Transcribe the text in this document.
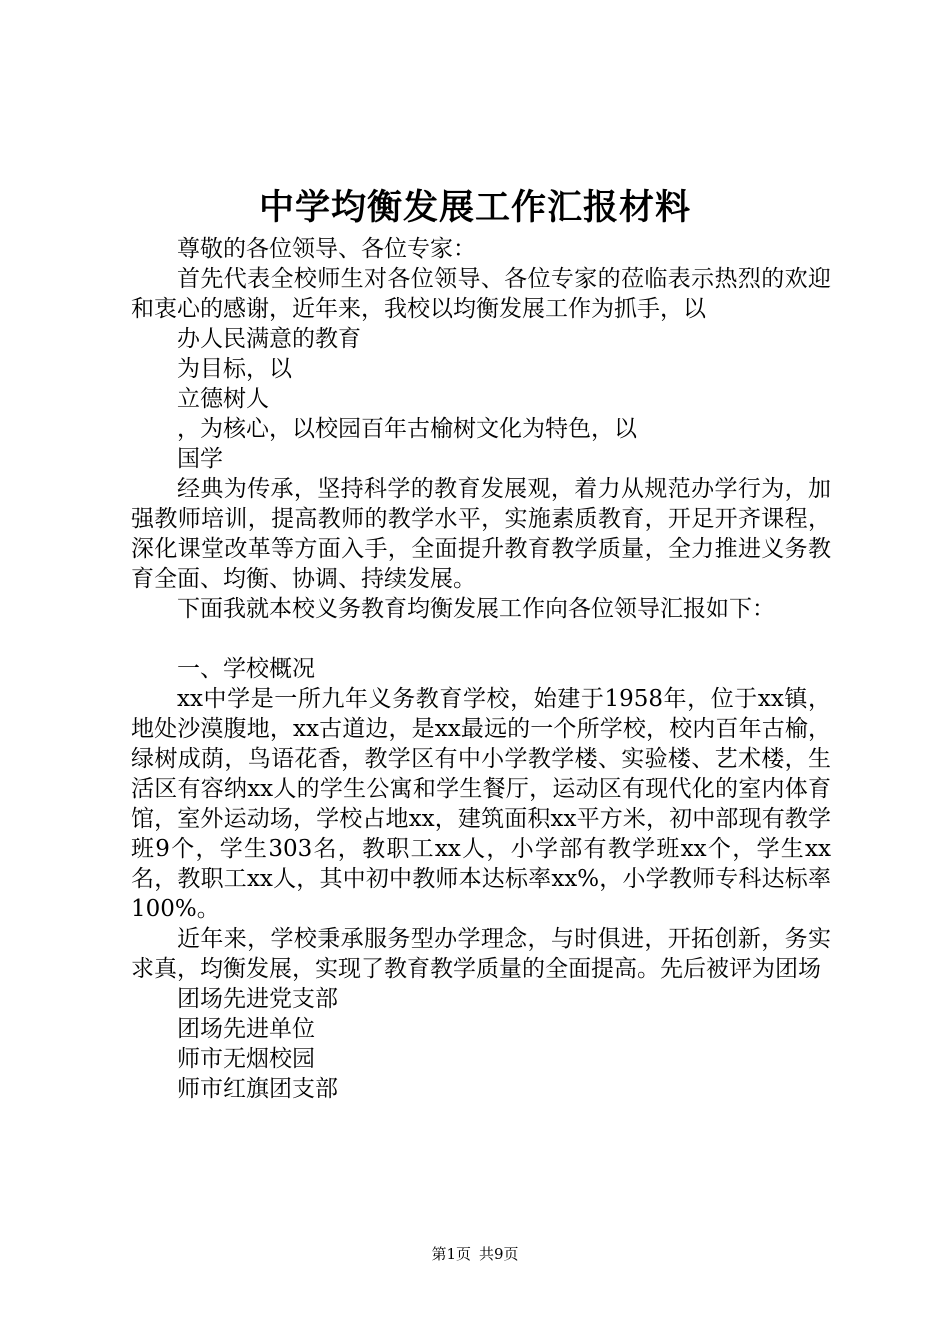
中学均衡发展工作汇报材料

尊敬的各位领导、各位专家：

首先代表全校师生对各位领导、各位专家的莅临表示热烈的欢迎和衷心的感谢，近年来，我校以均衡发展工作为抓手，以

办人民满意的教育

为目标，以

立德树人

，为核心，以校园百年古榆树文化为特色，以

国学

经典为传承，坚持科学的教育发展观，着力从规范办学行为，加强教师培训，提高教师的教学水平，实施素质教育，开足开齐课程，深化课堂改革等方面入手，全面提升教育教学质量，全力推进义务教育全面、均衡、协调、持续发展。

下面我就本校义务教育均衡发展工作向各位领导汇报如下：

一、学校概况

xx中学是一所九年义务教育学校，始建于1958年，位于xx镇，地处沙漠腹地，xx古道边，是xx最远的一个所学校，校内百年古榆，绿树成荫，鸟语花香，教学区有中小学教学楼、实验楼、艺术楼，生活区有容纳xx人的学生公寓和学生餐厅，运动区有现代化的室内体育馆，室外运动场，学校占地xx，建筑面积xx平方米，初中部现有教学班9个，学生303名，教职工xx人，小学部有教学班xx个，学生xx名，教职工xx人，其中初中教师本达标率xx%，小学教师专科达标率100%。

近年来，学校秉承服务型办学理念，与时俱进，开拓创新，务实求真，均衡发展，实现了教育教学质量的全面提高。先后被评为团场

团场先进党支部

团场先进单位

师市无烟校园

师市红旗团支部

第1页 共9页
